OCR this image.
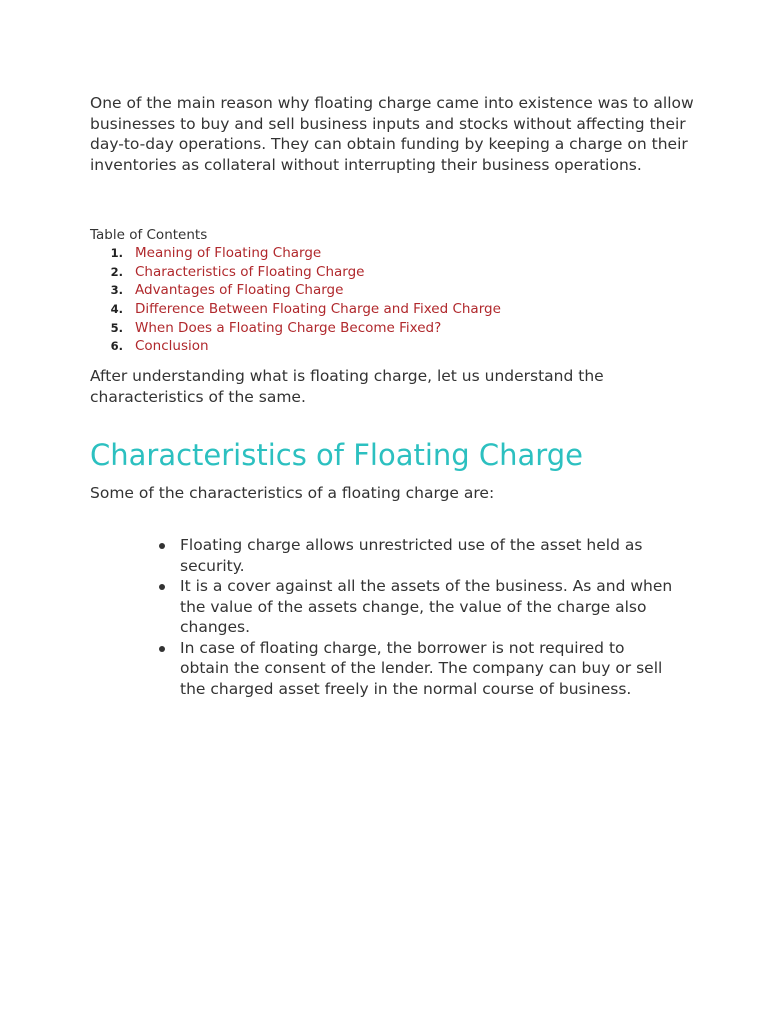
One of the main reason why floating charge came into existence was to allow businesses to buy and sell business inputs and stocks without affecting their day-to-day operations. They can obtain funding by keeping a charge on their inventories as collateral without interrupting their business operations.

Table of Contents

1. Meaning of Floating Charge
2. Characteristics of Floating Charge
3. Advantages of Floating Charge
4. Difference Between Floating Charge and Fixed Charge
5. When Does a Floating Charge Become Fixed?
6. Conclusion

After understanding what is floating charge, let us understand the characteristics of the same.

Characteristics of Floating Charge

Some of the characteristics of a floating charge are:

Floating charge allows unrestricted use of the asset held as security.
It is a cover against all the assets of the business. As and when the value of the assets change, the value of the charge also changes.
In case of floating charge, the borrower is not required to obtain the consent of the lender. The company can buy or sell the charged asset freely in the normal course of business.
